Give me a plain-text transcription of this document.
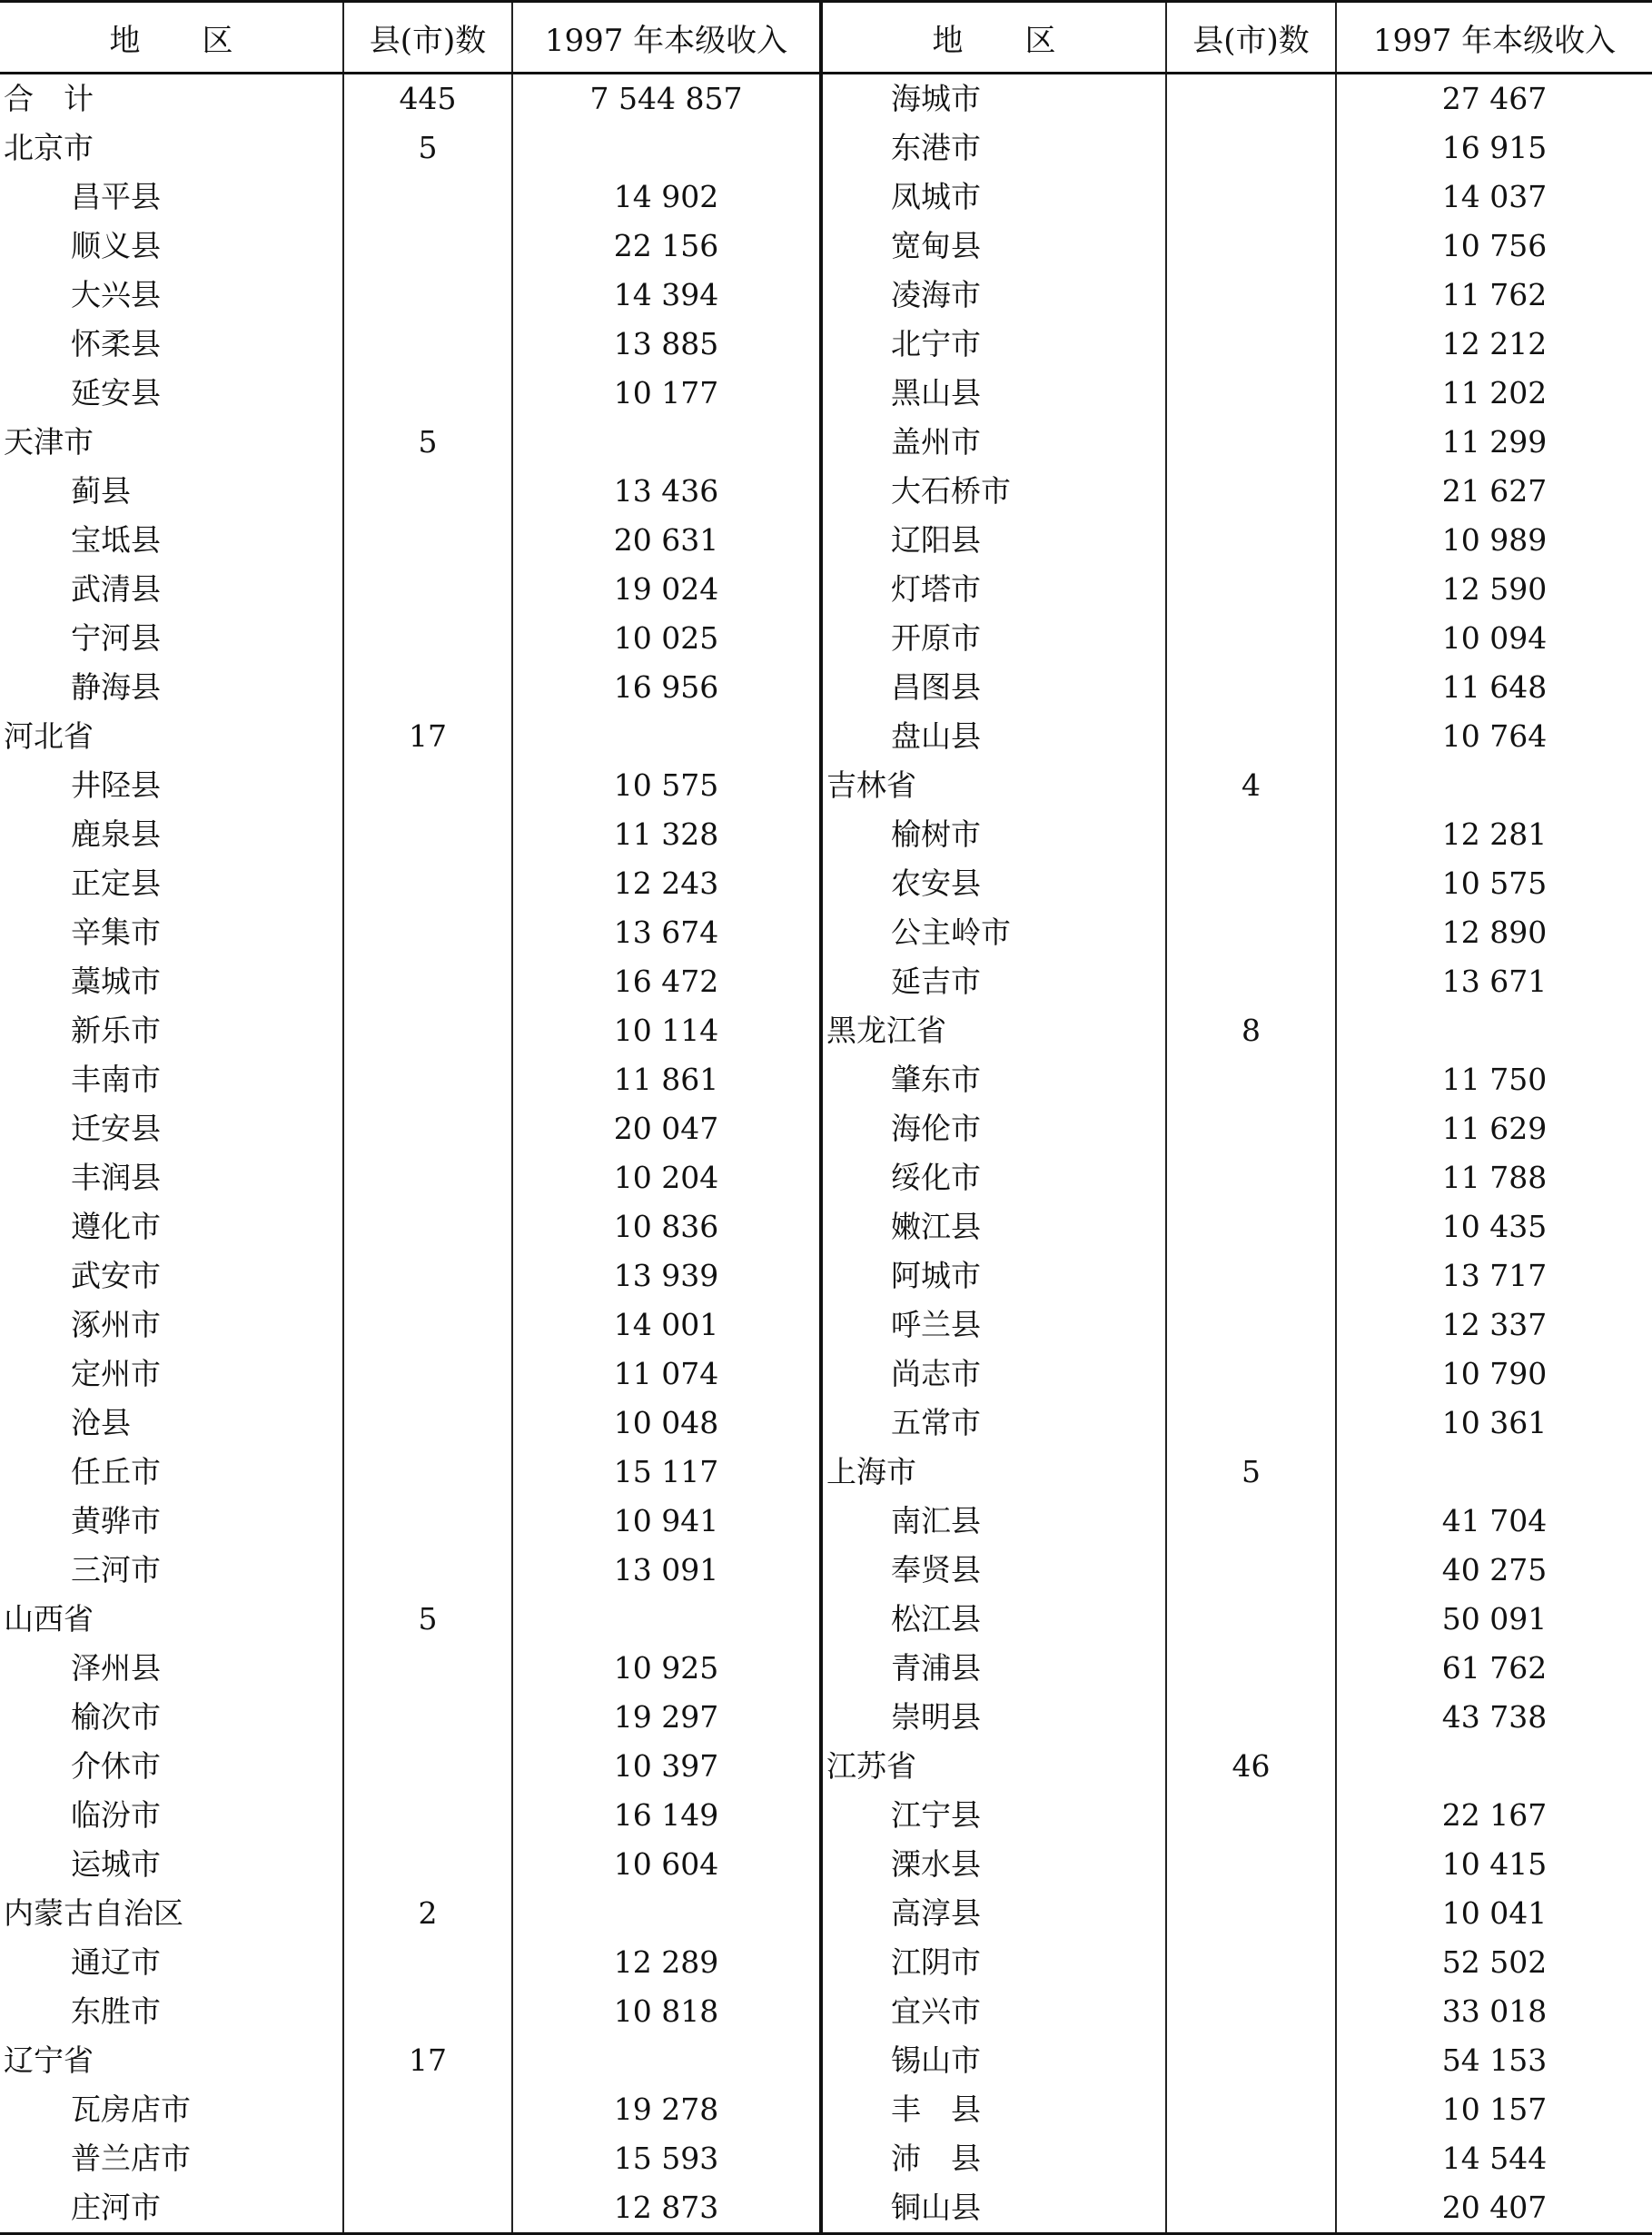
地　　区	县(市)数	1997 年本级收入	地　　区	县(市)数	1997 年本级收入
合　计	445	7 544 857	海城市		27 467
北京市	5		东港市		16 915
昌平县		14 902	凤城市		14 037
顺义县		22 156	宽甸县		10 756
大兴县		14 394	凌海市		11 762
怀柔县		13 885	北宁市		12 212
延安县		10 177	黑山县		11 202
天津市	5		盖州市		11 299
蓟县		13 436	大石桥市		21 627
宝坻县		20 631	辽阳县		10 989
武清县		19 024	灯塔市		12 590
宁河县		10 025	开原市		10 094
静海县		16 956	昌图县		11 648
河北省	17		盘山县		10 764
井陉县		10 575	吉林省	4	
鹿泉县		11 328	榆树市		12 281
正定县		12 243	农安县		10 575
辛集市		13 674	公主岭市		12 890
藁城市		16 472	延吉市		13 671
新乐市		10 114	黑龙江省	8	
丰南市		11 861	肇东市		11 750
迁安县		20 047	海伦市		11 629
丰润县		10 204	绥化市		11 788
遵化市		10 836	嫩江县		10 435
武安市		13 939	阿城市		13 717
涿州市		14 001	呼兰县		12 337
定州市		11 074	尚志市		10 790
沧县		10 048	五常市		10 361
任丘市		15 117	上海市	5	
黄骅市		10 941	南汇县		41 704
三河市		13 091	奉贤县		40 275
山西省	5		松江县		50 091
泽州县		10 925	青浦县		61 762
榆次市		19 297	崇明县		43 738
介休市		10 397	江苏省	46	
临汾市		16 149	江宁县		22 167
运城市		10 604	溧水县		10 415
内蒙古自治区	2		高淳县		10 041
通辽市		12 289	江阴市		52 502
东胜市		10 818	宜兴市		33 018
辽宁省	17		锡山市		54 153
瓦房店市		19 278	丰　县		10 157
普兰店市		15 593	沛　县		14 544
庄河市		12 873	铜山县		20 407
